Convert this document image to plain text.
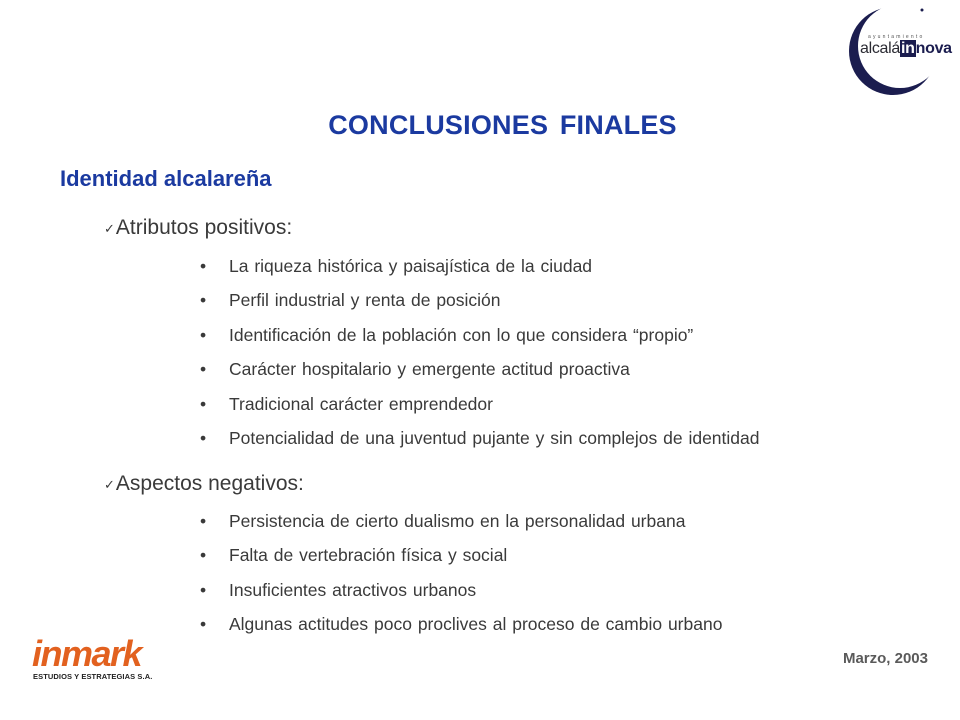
ayuntamiento
alcaláinnova
CONCLUSIONES FINALES
Identidad alcalareña
✓Atributos positivos:
• La riqueza histórica y paisajística de la ciudad
• Perfil industrial y renta de posición
• Identificación de la población con lo que considera “propio”
• Carácter hospitalario y emergente actitud proactiva
• Tradicional carácter emprendedor
• Potencialidad de una juventud pujante y sin complejos de identidad
✓Aspectos negativos:
• Persistencia de cierto dualismo en la personalidad urbana
• Falta de vertebración física y social
• Insuficientes atractivos urbanos
• Algunas actitudes poco proclives al proceso de cambio urbano
inmark
ESTUDIOS Y ESTRATEGIAS S.A.
Marzo, 2003
